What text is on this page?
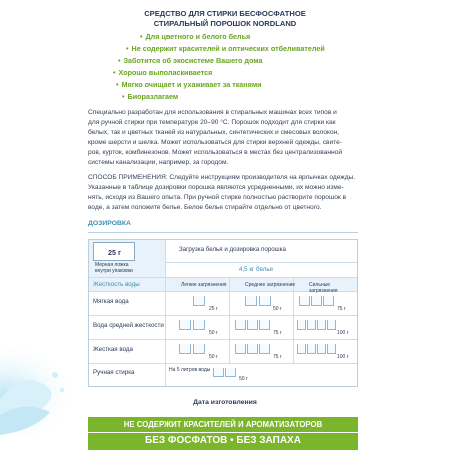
СРЕДСТВО ДЛЯ СТИРКИ БЕСФОСФАТНОЕ
СТИРАЛЬНЫЙ ПОРОШОК NORDLAND
• Для цветного и белого белья
• Не содержит красителей и оптических отбеливателей
• Заботится об экосистеме Вашего дома
• Хорошо выполаскивается
• Мягко очищает и ухаживает за тканями
• Биоразлагаем
Специально разработан для использования в стиральных машинах всех типов и
для ручной стирки при температуре 20–90 °С. Порошок подходит для стирки как
белых, так и цветных тканей из натуральных, синтетических и смесовых волокон,
кроме шерсти и шелка. Может использоваться для стирки верхней одежды, свите-
ров, курток, комбинезонов. Может использоваться в местах без централизованной
системы канализации, например, за городом.
СПОСОБ ПРИМЕНЕНИЯ: Следуйте инструкциям производителя на ярлычках одежды.
Указанные в таблице дозировки порошка являются усредненными, их можно изме-
нять, исходя из Вашего опыта. При ручной стирке полностью растворите порошок в
воде, а затем положите белье. Белое белье стирайте отдельно от цветного.
ДОЗИРОВКА
25 г
Мерная ложка
внутри упаковки
Загрузка белья и дозировка порошка
4,5 кг белья
Жесткость воды	Легкие загрязнения	Среднее загрязнение	Сильные загрязнения
Мягкая вода
25 г	50 г	75 г
Вода средней жесткости
50 г	75 г	100 г
Жесткая вода
50 г	75 г	100 г
Ручная стирка	На 5 литров воды
50 г
Дата изготовления
НЕ СОДЕРЖИТ КРАСИТЕЛЕЙ И АРОМАТИЗАТОРОВ
БЕЗ ФОСФАТОВ • БЕЗ ЗАПАХА
